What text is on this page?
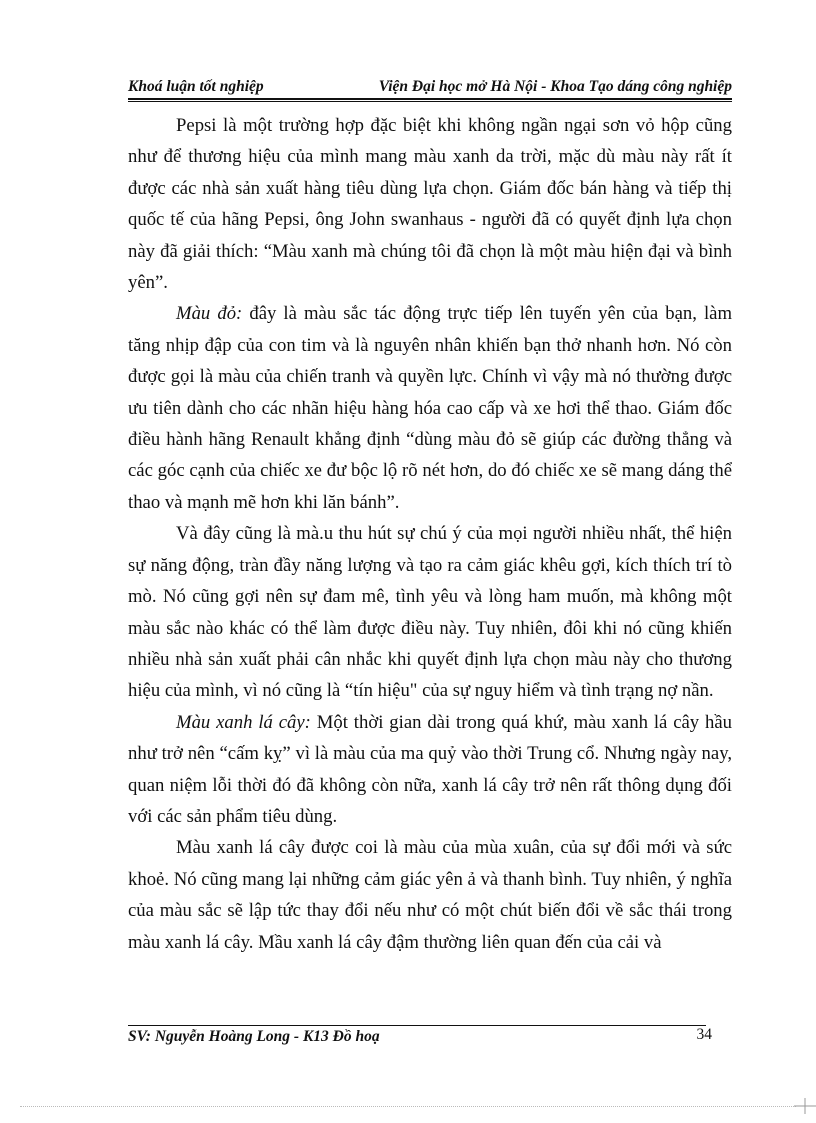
Khoá luận tốt nghiệp	Viện Đại học mở Hà Nội - Khoa Tạo dáng công nghiệp

Pepsi là một trường hợp đặc biệt khi không ngần ngại sơn vỏ hộp cũng như để thương hiệu của mình mang màu xanh da trời, mặc dù màu này rất ít được các nhà sản xuất hàng tiêu dùng lựa chọn. Giám đốc bán hàng và tiếp thị quốc tế của hãng Pepsi, ông John swanhaus - người đã có quyết định lựa chọn này đã giải thích: “Màu xanh mà chúng tôi đã chọn là một màu hiện đại và bình yên”.

Màu đỏ: đây là màu sắc tác động trực tiếp lên tuyến yên của bạn, làm tăng nhịp đập của con tim và là nguyên nhân khiến bạn thở nhanh hơn. Nó còn được gọi là màu của chiến tranh và quyền lực. Chính vì vậy mà nó thường được ưu tiên dành cho các nhãn hiệu hàng hóa cao cấp và xe hơi thể thao. Giám đốc điều hành hãng Renault khẳng định “dùng màu đỏ sẽ giúp các đường thẳng và các góc cạnh của chiếc xe đư bộc lộ rõ nét hơn, do đó chiếc xe sẽ mang dáng thể thao và mạnh mẽ hơn khi lăn bánh”.

Và đây cũng là mà.u thu hút sự chú ý của mọi người nhiều nhất, thể hiện sự năng động, tràn đầy năng lượng và tạo ra cảm giác khêu gợi, kích thích trí tò mò. Nó cũng gợi nên sự đam mê, tình yêu và lòng ham muốn, mà không một màu sắc nào khác có thể làm được điều này. Tuy nhiên, đôi khi nó cũng khiến nhiều nhà sản xuất phải cân nhắc khi quyết định lựa chọn màu này cho thương hiệu của mình, vì nó cũng là “tín hiệu" của sự nguy hiểm và tình trạng nợ nần.

Màu xanh lá cây: Một thời gian dài trong quá khứ, màu xanh lá cây hầu như trở nên “cấm kỵ” vì là màu của ma quỷ vào thời Trung cổ. Nhưng ngày nay, quan niệm lỗi thời đó đã không còn nữa, xanh lá cây trở nên rất thông dụng đối với các sản phẩm tiêu dùng.

Màu xanh lá cây được coi là màu của mùa xuân, của sự đổi mới và sức khoẻ. Nó cũng mang lại những cảm giác yên ả và thanh bình. Tuy nhiên, ý nghĩa của màu sắc sẽ lập tức thay đổi nếu như có một chút biến đổi về sắc thái trong màu xanh lá cây. Mầu xanh lá cây đậm thường liên quan đến của cải và

SV: Nguyễn Hoàng Long - K13 Đồ hoạ	34
